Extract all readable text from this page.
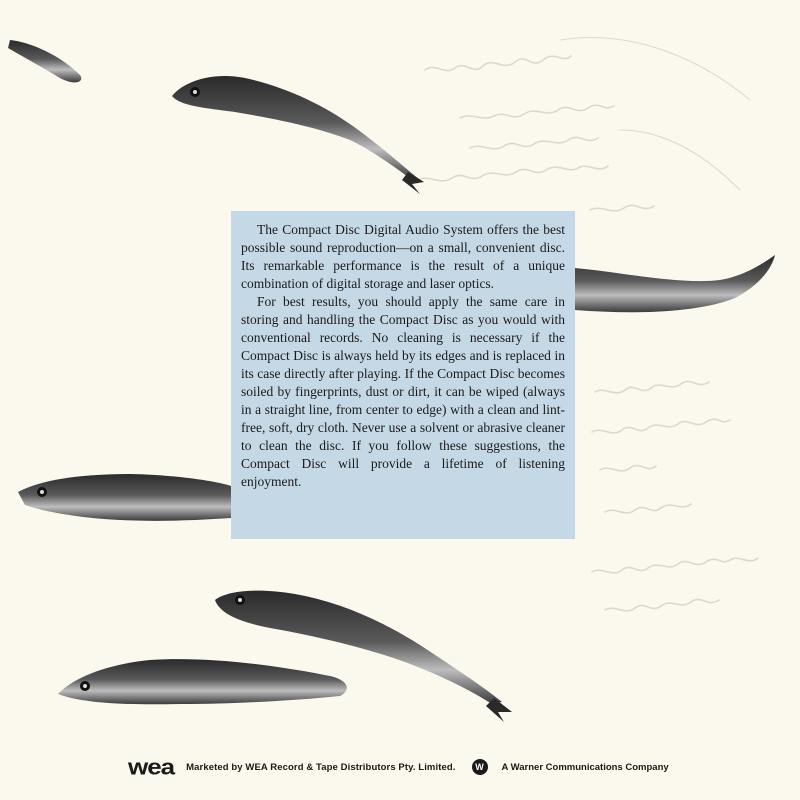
The Compact Disc Digital Audio System offers the best possible sound reproduction—on a small, convenient disc. Its remarkable performance is the result of a unique combination of digital storage and laser optics.

For best results, you should apply the same care in storing and handling the Compact Disc as you would with conventional records. No cleaning is necessary if the Compact Disc is always held by its edges and is replaced in its case directly after playing. If the Compact Disc becomes soiled by fingerprints, dust or dirt, it can be wiped (always in a straight line, from center to edge) with a clean and lint-free, soft, dry cloth. Never use a solvent or abrasive cleaner to clean the disc. If you follow these suggestions, the Compact Disc will provide a lifetime of listening enjoyment.

wea Marketed by WEA Record & Tape Distributors Pty. Limited.	W	A Warner Communications Company
